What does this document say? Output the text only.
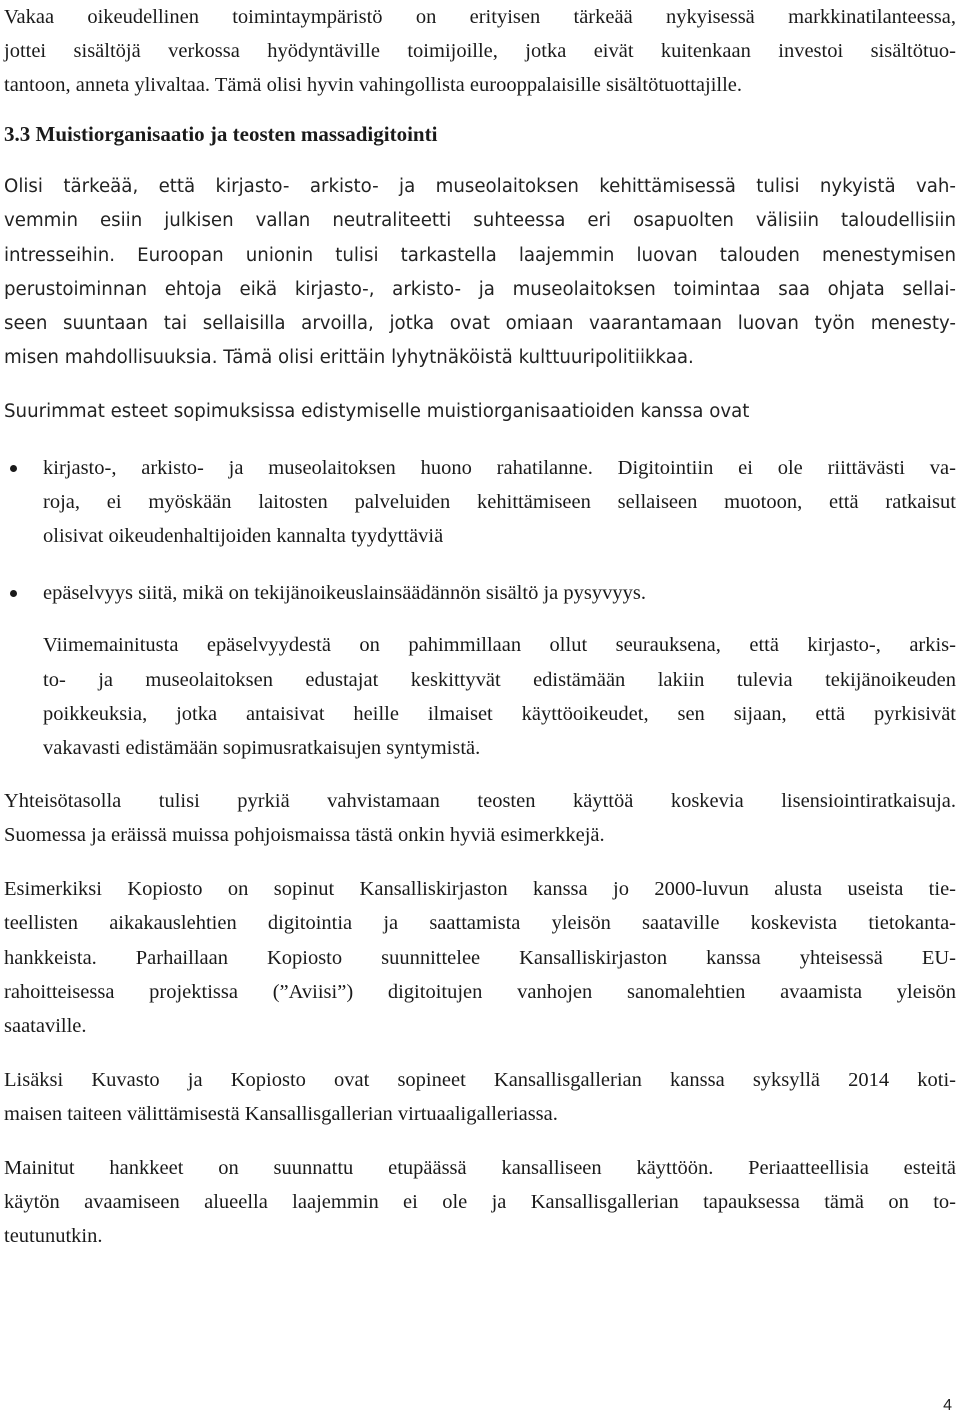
Vakaa oikeudellinen toimintaympäristö on erityisen tärkeää nykyisessä markkinatilanteessa,

jottei sisältöjä verkossa hyödyntäville toimijoille, jotka eivät kuitenkaan investoi sisältötuo-

tantoon, anneta ylivaltaa. Tämä olisi hyvin vahingollista eurooppalaisille sisältötuottajille.

3.3 Muistiorganisaatio ja teosten massadigitointi

Olisi tärkeää, että kirjasto- arkisto- ja museolaitoksen kehittämisessä tulisi nykyistä vah-

vemmin esiin julkisen vallan neutraliteetti suhteessa eri osapuolten välisiin taloudellisiin

intresseihin. Euroopan unionin tulisi tarkastella laajemmin luovan talouden menestymisen

perustoiminnan ehtoja eikä kirjasto-, arkisto- ja museolaitoksen toimintaa saa ohjata sellai-

seen suuntaan tai sellaisilla arvoilla, jotka ovat omiaan vaarantamaan luovan työn menesty-

misen mahdollisuuksia. Tämä olisi erittäin lyhytnäköistä kulttuuripolitiikkaa.

Suurimmat esteet sopimuksissa edistymiselle muistiorganisaatioiden kanssa ovat

kirjasto-, arkisto- ja museolaitoksen huono rahatilanne. Digitointiin ei ole riittävästi va-

roja, ei myöskään laitosten palveluiden kehittämiseen sellaiseen muotoon, että ratkaisut

olisivat oikeudenhaltijoiden kannalta tyydyttäviä

epäselvyys siitä, mikä on tekijänoikeuslainsäädännön sisältö ja pysyvyys.

Viimemainitusta epäselvyydestä on pahimmillaan ollut seurauksena, että kirjasto-, arkis-

to- ja museolaitoksen edustajat keskittyvät edistämään lakiin tulevia tekijänoikeuden

poikkeuksia, jotka antaisivat heille ilmaiset käyttöoikeudet, sen sijaan, että pyrkisivät

vakavasti edistämään sopimusratkaisujen syntymistä.

Yhteisötasolla tulisi pyrkiä vahvistamaan teosten käyttöä koskevia lisensiointiratkaisuja.

Suomessa ja eräissä muissa pohjoismaissa tästä onkin hyviä esimerkkejä.

Esimerkiksi Kopiosto on sopinut Kansalliskirjaston kanssa jo 2000-luvun alusta useista tie-

teellisten aikakauslehtien digitointia ja saattamista yleisön saataville koskevista tietokanta-

hankkeista. Parhaillaan Kopiosto suunnittelee Kansalliskirjaston kanssa yhteisessä EU-

rahoitteisessa projektissa (”Aviisi”) digitoitujen vanhojen sanomalehtien avaamista yleisön

saataville.

Lisäksi Kuvasto ja Kopiosto ovat sopineet Kansallisgallerian kanssa syksyllä 2014 koti-

maisen taiteen välittämisestä Kansallisgallerian virtuaaligalleriassa.

Mainitut hankkeet on suunnattu etupäässä kansalliseen käyttöön. Periaatteellisia esteitä

käytön avaamiseen alueella laajemmin ei ole ja Kansallisgallerian tapauksessa tämä on to-

teutunutkin.

4
